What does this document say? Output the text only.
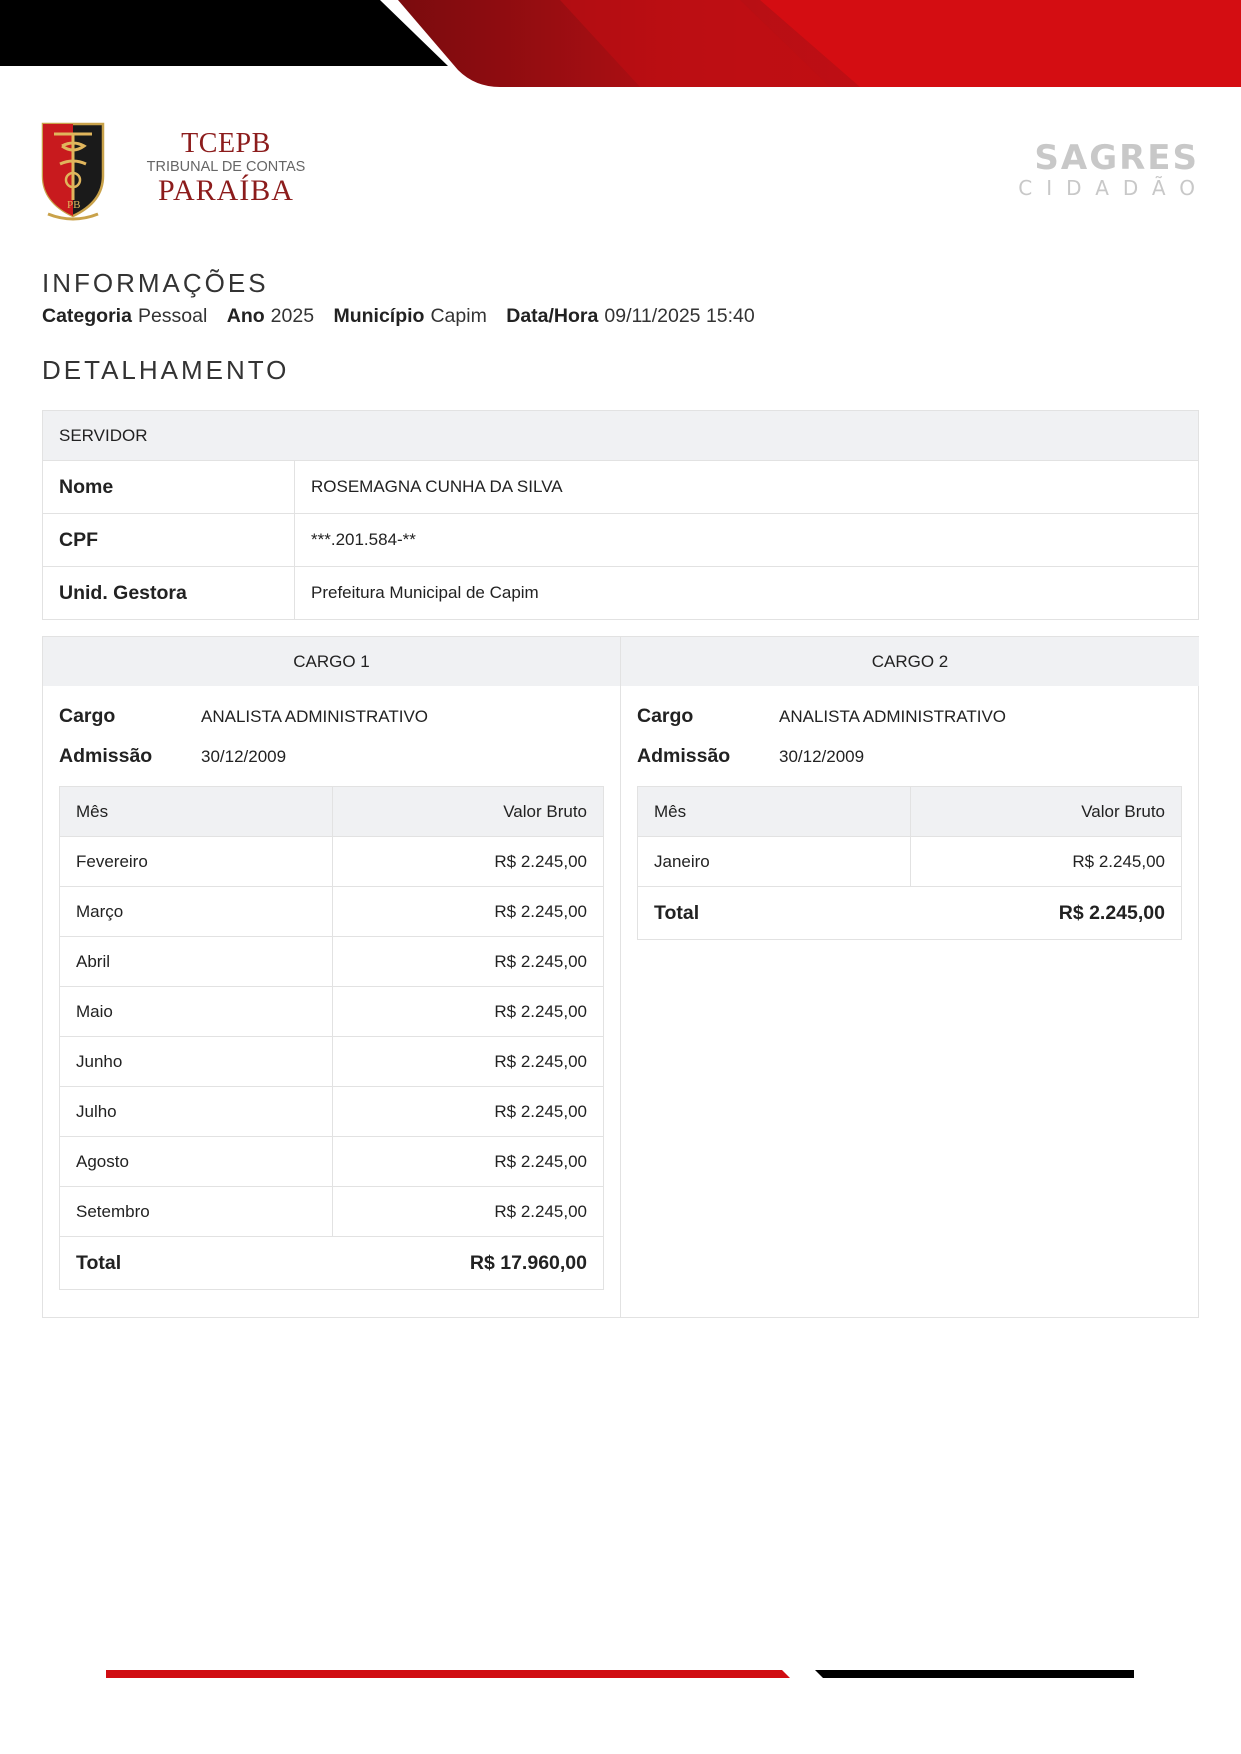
PB
TCEPB
TRIBUNAL DE CONTAS
PARAÍBA
SAGRES
CIDADÃO
INFORMAÇÕES
Categoria Pessoal Ano 2025 Município Capim Data/Hora 09/11/2025 15:40
DETALHAMENTO
SERVIDOR	
Nome	ROSEMAGNA CUNHA DA SILVA
CPF	***.201.584-**
Unid. Gestora	Prefeitura Municipal de Capim
CARGO 1
Cargo	ANALISTA ADMINISTRATIVO
Admissão	30/12/2009
Mês	Valor Bruto
Fevereiro	R$ 2.245,00
Março	R$ 2.245,00
Abril	R$ 2.245,00
Maio	R$ 2.245,00
Junho	R$ 2.245,00
Julho	R$ 2.245,00
Agosto	R$ 2.245,00
Setembro	R$ 2.245,00
Total	R$ 17.960,00
CARGO 2
Cargo	ANALISTA ADMINISTRATIVO
Admissão	30/12/2009
Mês	Valor Bruto
Janeiro	R$ 2.245,00
Total	R$ 2.245,00
